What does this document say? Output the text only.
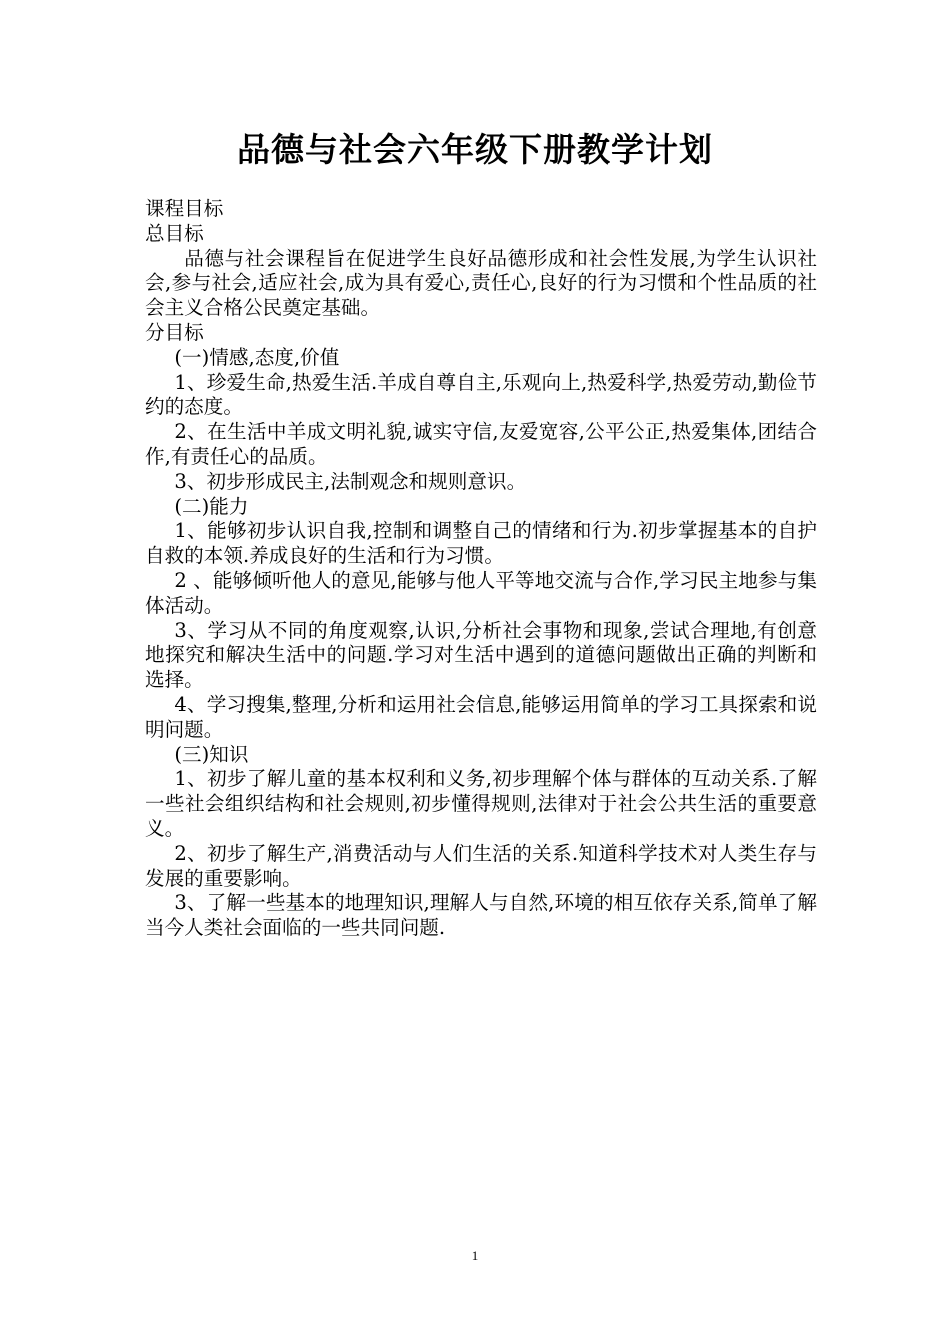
品德与社会六年级下册教学计划

课程目标

总目标

品德与社会课程旨在促进学生良好品德形成和社会性发展,为学生认识社会,参与社会,适应社会,成为具有爱心,责任心,良好的行为习惯和个性品质的社会主义合格公民奠定基础。

分目标

(一)情感,态度,价值

1、珍爱生命,热爱生活.羊成自尊自主,乐观向上,热爱科学,热爱劳动,勤俭节约的态度。

2、在生活中羊成文明礼貌,诚实守信,友爱宽容,公平公正,热爱集体,团结合作,有责任心的品质。

3、初步形成民主,法制观念和规则意识。

(二)能力

1、能够初步认识自我,控制和调整自己的情绪和行为.初步掌握基本的自护自救的本领.养成良好的生活和行为习惯。

2 、能够倾听他人的意见,能够与他人平等地交流与合作,学习民主地参与集体活动。

3、学习从不同的角度观察,认识,分析社会事物和现象,尝试合理地,有创意地探究和解决生活中的问题.学习对生活中遇到的道德问题做出正确的判断和选择。

4、学习搜集,整理,分析和运用社会信息,能够运用简单的学习工具探索和说明问题。

(三)知识

1、初步了解儿童的基本权利和义务,初步理解个体与群体的互动关系.了解一些社会组织结构和社会规则,初步懂得规则,法律对于社会公共生活的重要意义。

2、初步了解生产,消费活动与人们生活的关系.知道科学技术对人类生存与发展的重要影响。

3、了解一些基本的地理知识,理解人与自然,环境的相互依存关系,简单了解当今人类社会面临的一些共同问题.

1
